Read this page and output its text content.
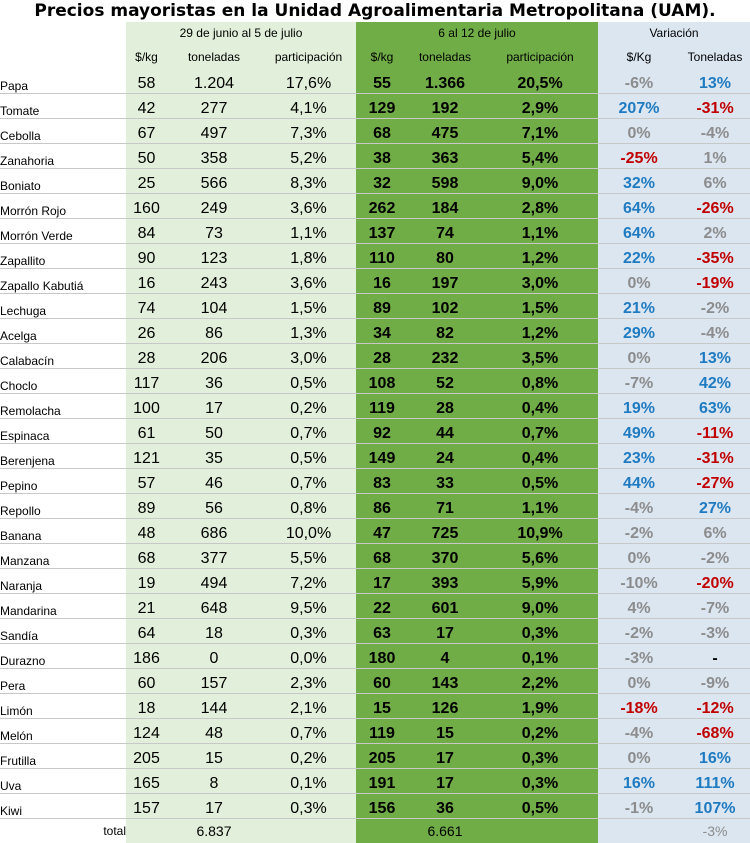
Precios mayoristas en la Unidad Agroalimentaria Metropolitana (UAM).
	29 de junio al 5 de julio			6 al 12 de julio			Variación	
	$/kg	toneladas	participación	$/kg	toneladas	participación	$/Kg	Toneladas
Papa	58	1.204	17,6%	55	1.366	20,5%	-6%	13%
Tomate	42	277	4,1%	129	192	2,9%	207%	-31%
Cebolla	67	497	7,3%	68	475	7,1%	0%	-4%
Zanahoria	50	358	5,2%	38	363	5,4%	-25%	1%
Boniato	25	566	8,3%	32	598	9,0%	32%	6%
Morrón Rojo	160	249	3,6%	262	184	2,8%	64%	-26%
Morrón Verde	84	73	1,1%	137	74	1,1%	64%	2%
Zapallito	90	123	1,8%	110	80	1,2%	22%	-35%
Zapallo Kabutiá	16	243	3,6%	16	197	3,0%	0%	-19%
Lechuga	74	104	1,5%	89	102	1,5%	21%	-2%
Acelga	26	86	1,3%	34	82	1,2%	29%	-4%
Calabacín	28	206	3,0%	28	232	3,5%	0%	13%
Choclo	117	36	0,5%	108	52	0,8%	-7%	42%
Remolacha	100	17	0,2%	119	28	0,4%	19%	63%
Espinaca	61	50	0,7%	92	44	0,7%	49%	-11%
Berenjena	121	35	0,5%	149	24	0,4%	23%	-31%
Pepino	57	46	0,7%	83	33	0,5%	44%	-27%
Repollo	89	56	0,8%	86	71	1,1%	-4%	27%
Banana	48	686	10,0%	47	725	10,9%	-2%	6%
Manzana	68	377	5,5%	68	370	5,6%	0%	-2%
Naranja	19	494	7,2%	17	393	5,9%	-10%	-20%
Mandarina	21	648	9,5%	22	601	9,0%	4%	-7%
Sandía	64	18	0,3%	63	17	0,3%	-2%	-3%
Durazno	186	0	0,0%	180	4	0,1%	-3%	-
Pera	60	157	2,3%	60	143	2,2%	0%	-9%
Limón	18	144	2,1%	15	126	1,9%	-18%	-12%
Melón	124	48	0,7%	119	15	0,2%	-4%	-68%
Frutilla	205	15	0,2%	205	17	0,3%	0%	16%
Uva	165	8	0,1%	191	17	0,3%	16%	111%
Kiwi	157	17	0,3%	156	36	0,5%	-1%	107%
total		6.837			6.661			-3%
